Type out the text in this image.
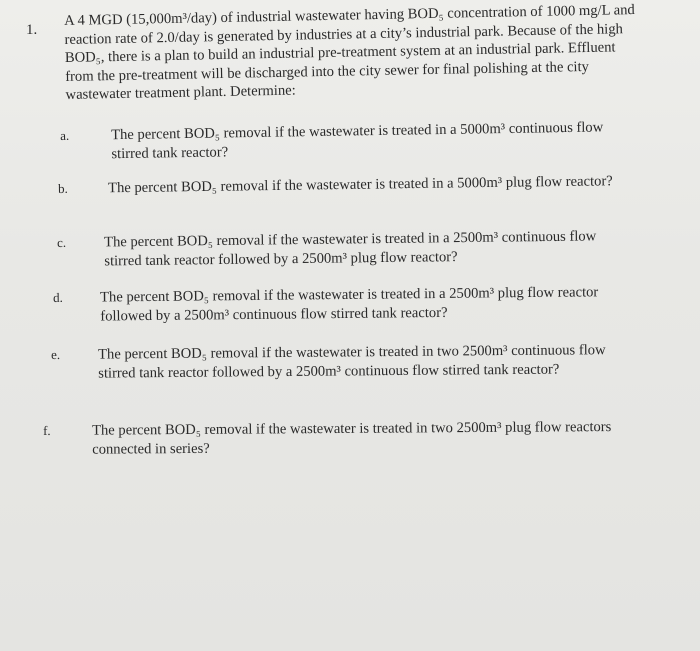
1.
A 4 MGD (15,000m³/day) of industrial wastewater having BOD₅ concentration of 1000 mg/L and reaction rate of 2.0/day is generated by industries at a city’s industrial park. Because of the high BOD₅, there is a plan to build an industrial pre-treatment system at an industrial park. Effluent from the pre-treatment will be discharged into the city sewer for final polishing at the city wastewater treatment plant. Determine:
a.	The percent BOD₅ removal if the wastewater is treated in a 5000m³ continuous flow stirred tank reactor?
b.	The percent BOD₅ removal if the wastewater is treated in a 5000m³ plug flow reactor?
c.	The percent BOD₅ removal if the wastewater is treated in a 2500m³ continuous flow stirred tank reactor followed by a 2500m³ plug flow reactor?
d.	The percent BOD₅ removal if the wastewater is treated in a 2500m³ plug flow reactor followed by a 2500m³ continuous flow stirred tank reactor?
e.	The percent BOD₅ removal if the wastewater is treated in two 2500m³ continuous flow stirred tank reactor followed by a 2500m³ continuous flow stirred tank reactor?
f.	The percent BOD₅ removal if the wastewater is treated in two 2500m³ plug flow reactors connected in series?
